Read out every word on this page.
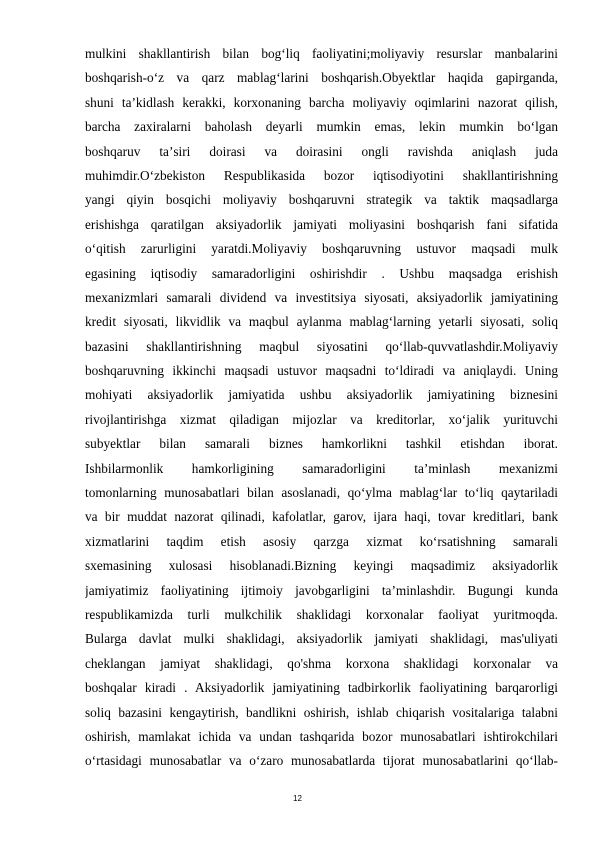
mulkini shakllantirish bilan bog‘liq faoliyatini;moliyaviy resurslar manbalarini
boshqarish-o‘z va qarz mablag‘larini boshqarish.Obyektlar haqida gapirganda,
shuni taʼkidlash kerakki, korxonaning barcha moliyaviy oqimlarini nazorat qilish,
barcha zaxiralarni baholash deyarli mumkin emas, lekin mumkin bo‘lgan
boshqaruv taʼsiri doirasi va doirasini ongli ravishda aniqlash juda
muhimdir.O‘zbekiston Respublikasida bozor iqtisodiyotini shakllantirishning
yangi qiyin bosqichi moliyaviy boshqaruvni strategik va taktik maqsadlarga
erishishga qaratilgan aksiyadorlik jamiyati moliyasini boshqarish fani sifatida
o‘qitish zarurligini yaratdi.Moliyaviy boshqaruvning ustuvor maqsadi mulk
egasining iqtisodiy samaradorligini oshirishdir . Ushbu maqsadga erishish
mexanizmlari samarali dividend va investitsiya siyosati, aksiyadorlik jamiyatining
kredit siyosati, likvidlik va maqbul aylanma mablag‘larning yetarli siyosati, soliq
bazasini shakllantirishning maqbul siyosatini qo‘llab-quvvatlashdir.Moliyaviy
boshqaruvning ikkinchi maqsadi ustuvor maqsadni to‘ldiradi va aniqlaydi. Uning
mohiyati aksiyadorlik jamiyatida ushbu aksiyadorlik jamiyatining biznesini
rivojlantirishga xizmat qiladigan mijozlar va kreditorlar, xo‘jalik yurituvchi
subyektlar bilan samarali biznes hamkorlikni tashkil etishdan iborat.
Ishbilarmonlik hamkorligining samaradorligini taʼminlash mexanizmi
tomonlarning munosabatlari bilan asoslanadi, qo‘ylma mablag‘lar to‘liq qaytariladi
va bir muddat nazorat qilinadi, kafolatlar, garov, ijara haqi, tovar kreditlari, bank
xizmatlarini taqdim etish asosiy qarzga xizmat ko‘rsatishning samarali
sxemasining xulosasi hisoblanadi.Bizning keyingi maqsadimiz aksiyadorlik
jamiyatimiz faoliyatining ijtimoiy javobgarligini taʼminlashdir. Bugungi kunda
respublikamizda turli mulkchilik shaklidagi korxonalar faoliyat yuritmoqda.
Bularga davlat mulki shaklidagi, aksiyadorlik jamiyati shaklidagi, mas'uliyati
cheklangan jamiyat shaklidagi, qo'shma korxona shaklidagi korxonalar va
boshqalar kiradi . Aksiyadorlik jamiyatining tadbirkorlik faoliyatining barqarorligi
soliq bazasini kengaytirish, bandlikni oshirish, ishlab chiqarish vositalariga talabni
oshirish, mamlakat ichida va undan tashqarida bozor munosabatlari ishtirokchilari
o‘rtasidagi munosabatlar va o‘zaro munosabatlarda tijorat munosabatlarini qo‘llab-
12
